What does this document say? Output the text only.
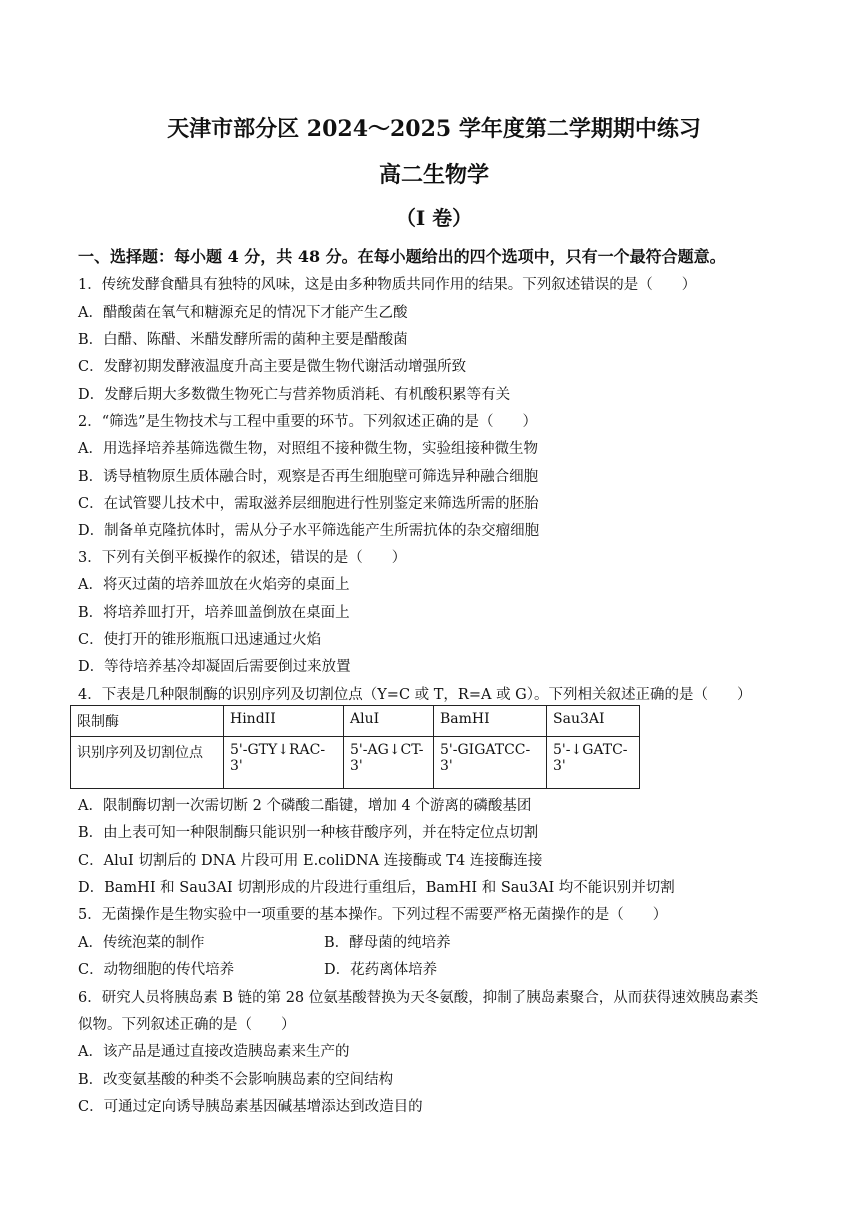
天津市部分区 2024～2025 学年度第二学期期中练习
高二生物学
（I 卷）
一、选择题：每小题 4 分，共 48 分。在每小题给出的四个选项中，只有一个最符合题意。
1．传统发酵食醋具有独特的风味，这是由多种物质共同作用的结果。下列叙述错误的是（　　）
A．醋酸菌在氧气和糖源充足的情况下才能产生乙酸
B．白醋、陈醋、米醋发酵所需的菌种主要是醋酸菌
C．发酵初期发酵液温度升高主要是微生物代谢活动增强所致
D．发酵后期大多数微生物死亡与营养物质消耗、有机酸积累等有关
2．“筛选”是生物技术与工程中重要的环节。下列叙述正确的是（　　）
A．用选择培养基筛选微生物，对照组不接种微生物，实验组接种微生物
B．诱导植物原生质体融合时，观察是否再生细胞壁可筛选异种融合细胞
C．在试管婴儿技术中，需取滋养层细胞进行性别鉴定来筛选所需的胚胎
D．制备单克隆抗体时，需从分子水平筛选能产生所需抗体的杂交瘤细胞
3．下列有关倒平板操作的叙述，错误的是（　　）
A．将灭过菌的培养皿放在火焰旁的桌面上
B．将培养皿打开，培养皿盖倒放在桌面上
C．使打开的锥形瓶瓶口迅速通过火焰
D．等待培养基冷却凝固后需要倒过来放置
4．下表是几种限制酶的识别序列及切割位点（Y=C 或 T，R=A 或 G）。下列相关叙述正确的是（　　）
限制酶	HindII	AluI	BamHI	Sau3AI
识别序列及切割位点	5'-GTY↓RAC-3'	5'-AG↓CT-3'	5'-GIGATCC-3'	5'-↓GATC-3'
A．限制酶切割一次需切断 2 个磷酸二酯键，增加 4 个游离的磷酸基团
B．由上表可知一种限制酶只能识别一种核苷酸序列，并在特定位点切割
C．AluI 切割后的 DNA 片段可用 E.coliDNA 连接酶或 T4 连接酶连接
D．BamHI 和 Sau3AI 切割形成的片段进行重组后，BamHI 和 Sau3AI 均不能识别并切割
5．无菌操作是生物实验中一项重要的基本操作。下列过程不需要严格无菌操作的是（　　）
A．传统泡菜的制作	B．酵母菌的纯培养
C．动物细胞的传代培养	D．花药离体培养
6．研究人员将胰岛素 B 链的第 28 位氨基酸替换为天冬氨酸，抑制了胰岛素聚合，从而获得速效胰岛素类
似物。下列叙述正确的是（　　）
A．该产品是通过直接改造胰岛素来生产的
B．改变氨基酸的种类不会影响胰岛素的空间结构
C．可通过定向诱导胰岛素基因碱基增添达到改造目的
